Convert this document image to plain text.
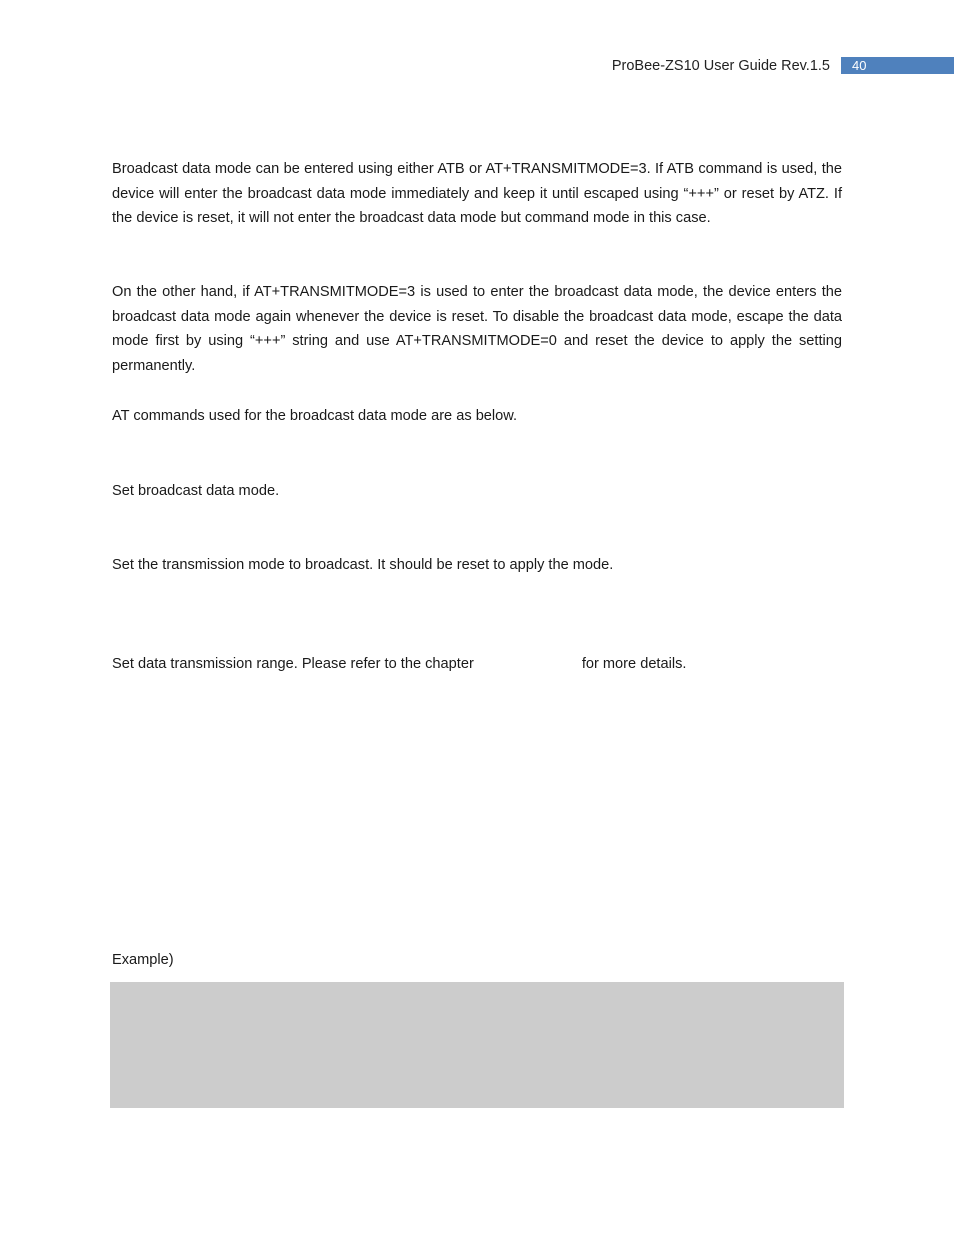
ProBee-ZS10 User Guide Rev.1.5	40

Broadcast data mode can be entered using either ATB or AT+TRANSMITMODE=3. If ATB command is used, the device will enter the broadcast data mode immediately and keep it until escaped using “+++” or reset by ATZ. If the device is reset, it will not enter the broadcast data mode but command mode in this case.

On the other hand, if AT+TRANSMITMODE=3 is used to enter the broadcast data mode, the device enters the broadcast data mode again whenever the device is reset. To disable the broadcast data mode, escape the data mode first by using “+++” string and use AT+TRANSMITMODE=0 and reset the device to apply the setting permanently.

AT commands used for the broadcast data mode are as below.

Set broadcast data mode.

Set the transmission mode to broadcast. It should be reset to apply the mode.

Set data transmission range. Please refer to the chapter	for more details.

Example)
